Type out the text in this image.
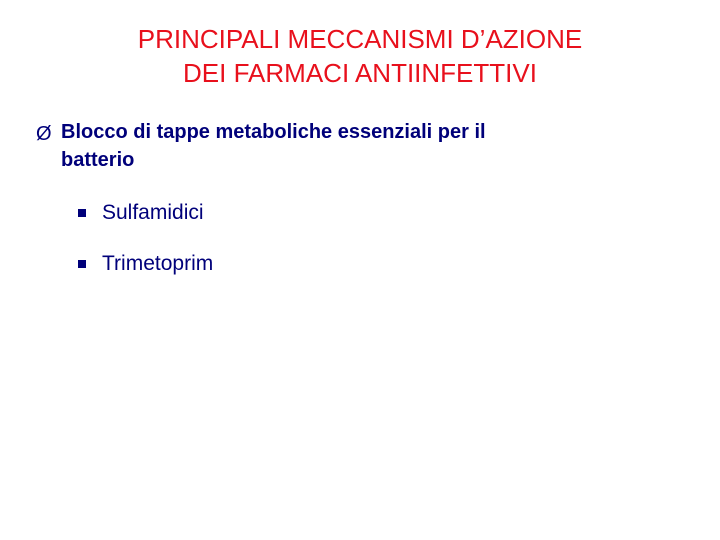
PRINCIPALI MECCANISMI D’AZIONE
DEI FARMACI ANTIINFETTIVI
Ø Blocco di tappe metaboliche essenziali per il
batterio
Sulfamidici
Trimetoprim
